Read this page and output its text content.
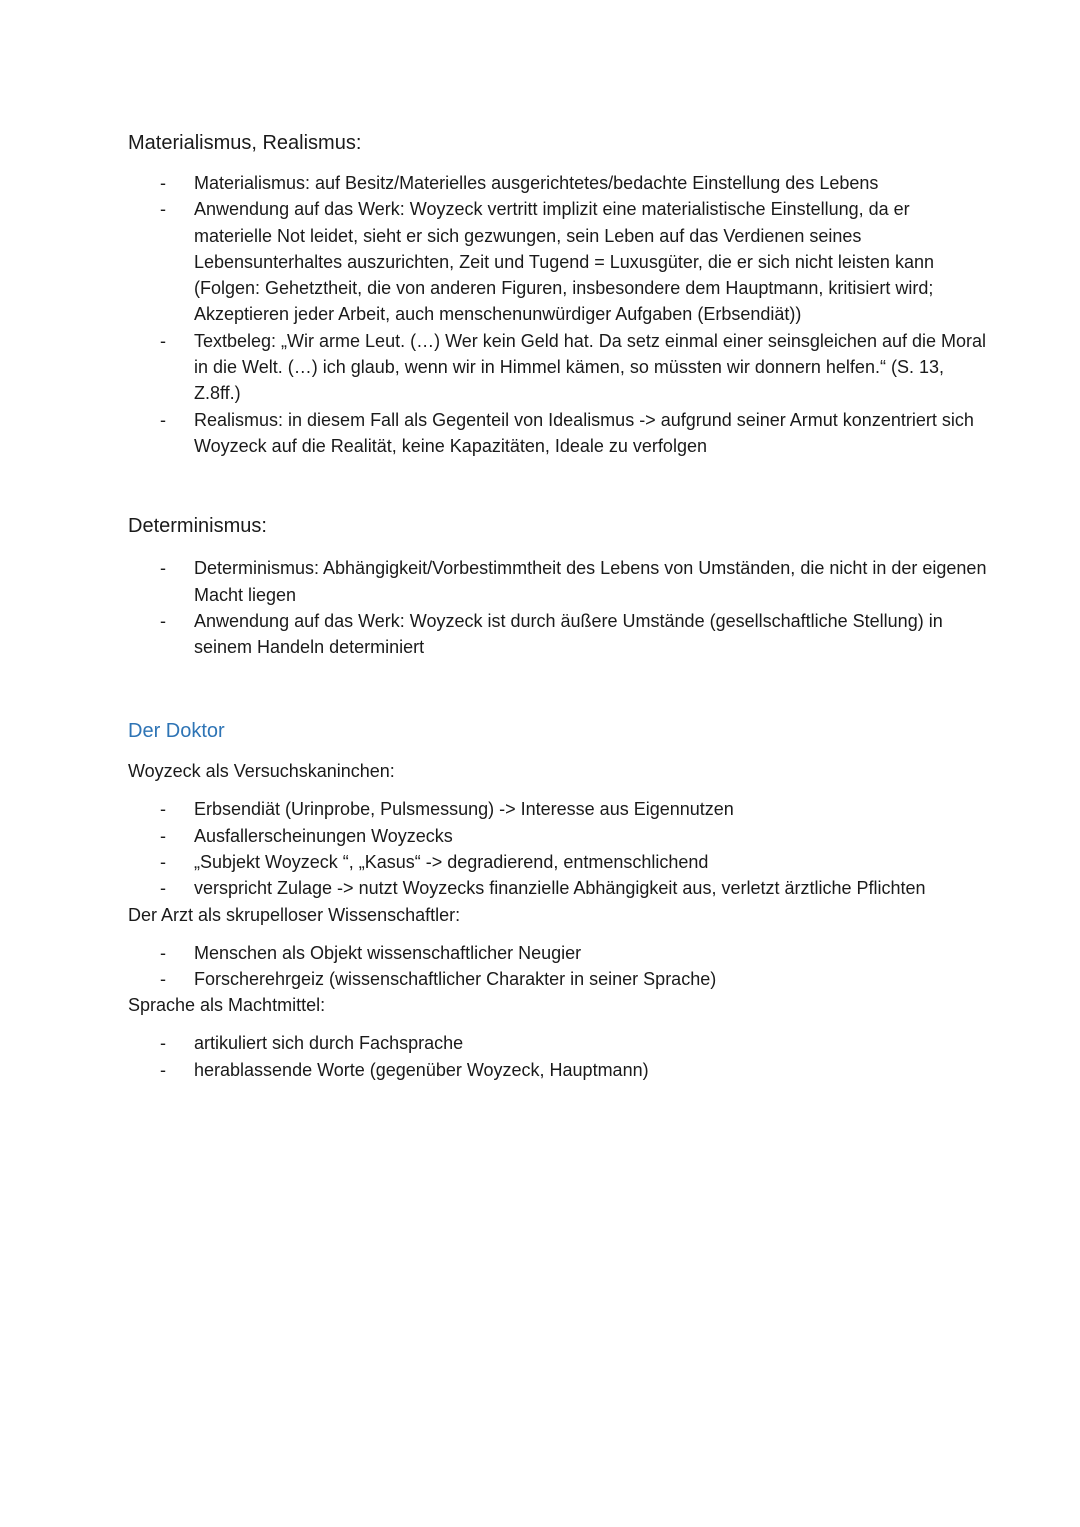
Materialismus, Realismus:
- Materialismus: auf Besitz/Materielles ausgerichtetes/bedachte Einstellung des Lebens
- Anwendung auf das Werk: Woyzeck vertritt implizit eine materialistische Einstellung, da er materielle Not leidet, sieht er sich gezwungen, sein Leben auf das Verdienen seines Lebensunterhaltes auszurichten, Zeit und Tugend = Luxusgüter, die er sich nicht leisten kann (Folgen: Gehetztheit, die von anderen Figuren, insbesondere dem Hauptmann, kritisiert wird; Akzeptieren jeder Arbeit, auch menschenunwürdiger Aufgaben (Erbsendiät))
- Textbeleg: „Wir arme Leut. (…) Wer kein Geld hat. Da setz einmal einer seinsgleichen auf die Moral in die Welt. (…) ich glaub, wenn wir in Himmel kämen, so müssten wir donnern helfen.“ (S. 13, Z.8ff.)
- Realismus: in diesem Fall als Gegenteil von Idealismus -> aufgrund seiner Armut konzentriert sich Woyzeck auf die Realität, keine Kapazitäten, Ideale zu verfolgen
Determinismus:
- Determinismus: Abhängigkeit/Vorbestimmtheit des Lebens von Umständen, die nicht in der eigenen Macht liegen
- Anwendung auf das Werk: Woyzeck ist durch äußere Umstände (gesellschaftliche Stellung) in seinem Handeln determiniert
Der Doktor

Woyzeck als Versuchskaninchen:

- Erbsendiät (Urinprobe, Pulsmessung) -> Interesse aus Eigennutzen
- Ausfallerscheinungen Woyzecks
- „Subjekt Woyzeck “, „Kasus“ -> degradierend, entmenschlichend
- verspricht Zulage -> nutzt Woyzecks finanzielle Abhängigkeit aus, verletzt ärztliche Pflichten

Der Arzt als skrupelloser Wissenschaftler:

- Menschen als Objekt wissenschaftlicher Neugier
- Forscherehrgeiz (wissenschaftlicher Charakter in seiner Sprache)

Sprache als Machtmittel:

- artikuliert sich durch Fachsprache
- herablassende Worte (gegenüber Woyzeck, Hauptmann)
